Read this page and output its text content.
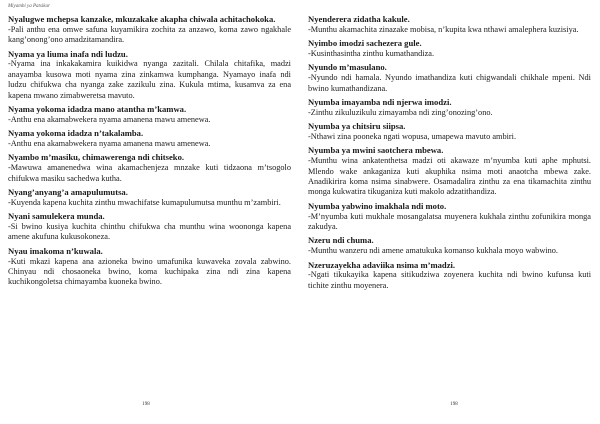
Miyambi ya Patsikar

Nyalugwe mchepsa kanzake, mkuzakake akapha chiwala achitachokoka.

-Pali anthu ena omwe safuna kuyamikira zochita za anzawo, koma zawo ngakhale kang’onong’ono amadzitamandira.

Nyama ya liuma inafa ndi ludzu.

-Nyama ina inkakakamira kuikidwa nyanga zazitali. Chilala chitafika, madzi anayamba kusowa moti nyama zina zinkamwa kumphanga. Nyamayo inafa ndi ludzu chifukwa cha nyanga zake zazikulu zina. Kukula mtima, kusamva za ena kapena mwano zimabweretsa mavuto.

Nyama yokoma idadza mano atantha m’kamwa.

-Anthu ena akamabwekera nyama amanena mawu amenewa.

Nyama yokoma idadza n’takalamba.

-Anthu ena akamabwekera nyama amanena mawu amenewa.

Nyambo m’masiku, chimawerenga ndi chitseko.

-Mawuwa amanenedwa wina akamachenjeza mnzake kuti tidzaona m’tsogolo chifukwa masiku sachedwa kutha.

Nyang’anyang’a amapulumutsa.

-Kuyenda kapena kuchita zinthu mwachifatse kumapulumutsa munthu m’zambiri.

Nyani samulekera munda.

-Si bwino kusiya kuchita chinthu chifukwa cha munthu wina woononga kapena amene akufuna kukusokoneza.

Nyau imakoma n’kuwala.

-Kuti mkazi kapena ana azioneka bwino umafunika kuwaveka zovala zabwino. Chinyau ndi chosaoneka bwino, koma kuchipaka zina ndi zina kapena kuchikongoletsa chimayamba kuoneka bwino.

198

Nyenderera zidatha kakule.

-Munthu akamachita zinazake mobisa, n’kupita kwa nthawi amalephera kuzisiya.

Nyimbo imodzi sachezera gule.

-Kusinthasintha zinthu kumathandiza.

Nyundo m’masulano.

-Nyundo ndi hamala. Nyundo imathandiza kuti chigwandali chikhale mpeni. Ndi bwino kumathandizana.

Nyumba imayamba ndi njerwa imodzi.

-Zinthu zikuluzikulu zimayamba ndi zing’onozing’ono.

Nyumba ya chitsiru siipsa.

-Nthawi zina pooneka ngati wopusa, umapewa mavuto ambiri.

Nyumba ya mwini saotchera mbewa.

-Munthu wina ankatenthetsa madzi oti akawaze m’nyumba kuti aphe mphutsi. Mlendo wake ankaganiza kuti akuphika nsima moti anaotcha mbewa zake. Anadikirira koma nsima sinabwere. Osamadalira zinthu za ena tikamachita zinthu monga kukwatira tikuganiza kuti makolo adzatithandiza.

Nyumba yabwino imakhala ndi moto.

-M’nyumba kuti mukhale mosangalatsa muyenera kukhala zinthu zofunikira monga zakudya.

Nzeru ndi chuma.

-Munthu wanzeru ndi amene amatukuka komanso kukhala moyo wabwino.

Nzeruzayekha adaviika nsima m’madzi.

-Ngati tikukayika kapena sitikudziwa zoyenera kuchita ndi bwino kufunsa kuti tichite zinthu moyenera.

198
